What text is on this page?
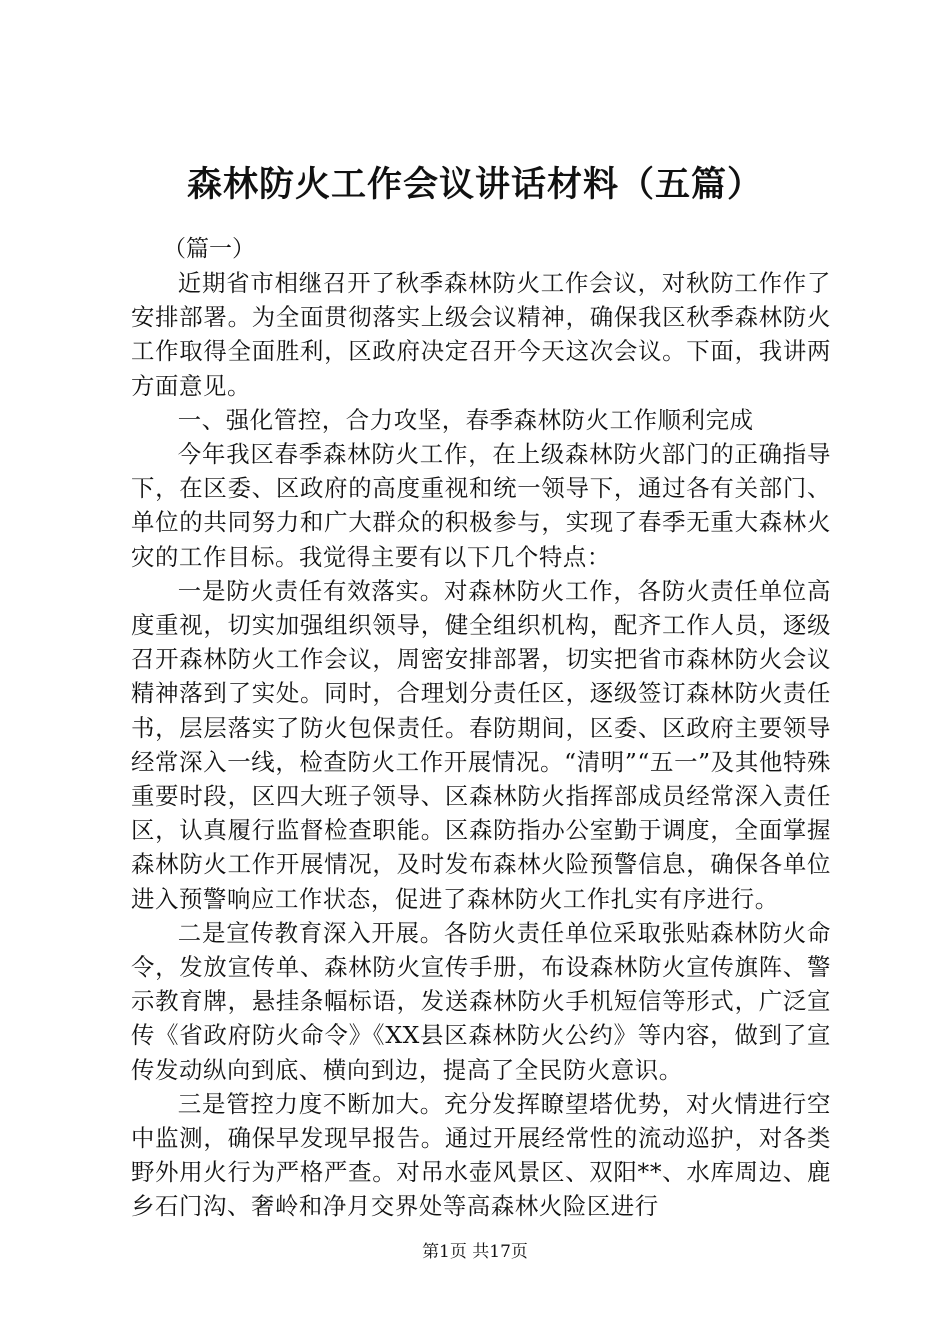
森林防火工作会议讲话材料（五篇）

（篇一）

近期省市相继召开了秋季森林防火工作会议，对秋防工作作了安排部署。为全面贯彻落实上级会议精神，确保我区秋季森林防火工作取得全面胜利，区政府决定召开今天这次会议。下面，我讲两方面意见。

一、强化管控，合力攻坚，春季森林防火工作顺利完成

今年我区春季森林防火工作，在上级森林防火部门的正确指导下，在区委、区政府的高度重视和统一领导下，通过各有关部门、单位的共同努力和广大群众的积极参与，实现了春季无重大森林火灾的工作目标。我觉得主要有以下几个特点：

一是防火责任有效落实。对森林防火工作，各防火责任单位高度重视，切实加强组织领导，健全组织机构，配齐工作人员，逐级召开森林防火工作会议，周密安排部署，切实把省市森林防火会议精神落到了实处。同时，合理划分责任区，逐级签订森林防火责任书，层层落实了防火包保责任。春防期间，区委、区政府主要领导经常深入一线，检查防火工作开展情况。“清明”“五一”及其他特殊重要时段，区四大班子领导、区森林防火指挥部成员经常深入责任区，认真履行监督检查职能。区森防指办公室勤于调度，全面掌握森林防火工作开展情况，及时发布森林火险预警信息，确保各单位进入预警响应工作状态，促进了森林防火工作扎实有序进行。

二是宣传教育深入开展。各防火责任单位采取张贴森林防火命令，发放宣传单、森林防火宣传手册，布设森林防火宣传旗阵、警示教育牌，悬挂条幅标语，发送森林防火手机短信等形式，广泛宣传《省政府防火命令》《XX县区森林防火公约》等内容，做到了宣传发动纵向到底、横向到边，提高了全民防火意识。

三是管控力度不断加大。充分发挥瞭望塔优势，对火情进行空中监测，确保早发现早报告。通过开展经常性的流动巡护，对各类野外用火行为严格严查。对吊水壶风景区、双阳**、水库周边、鹿乡石门沟、奢岭和净月交界处等高森林火险区进行

第1页 共17页
